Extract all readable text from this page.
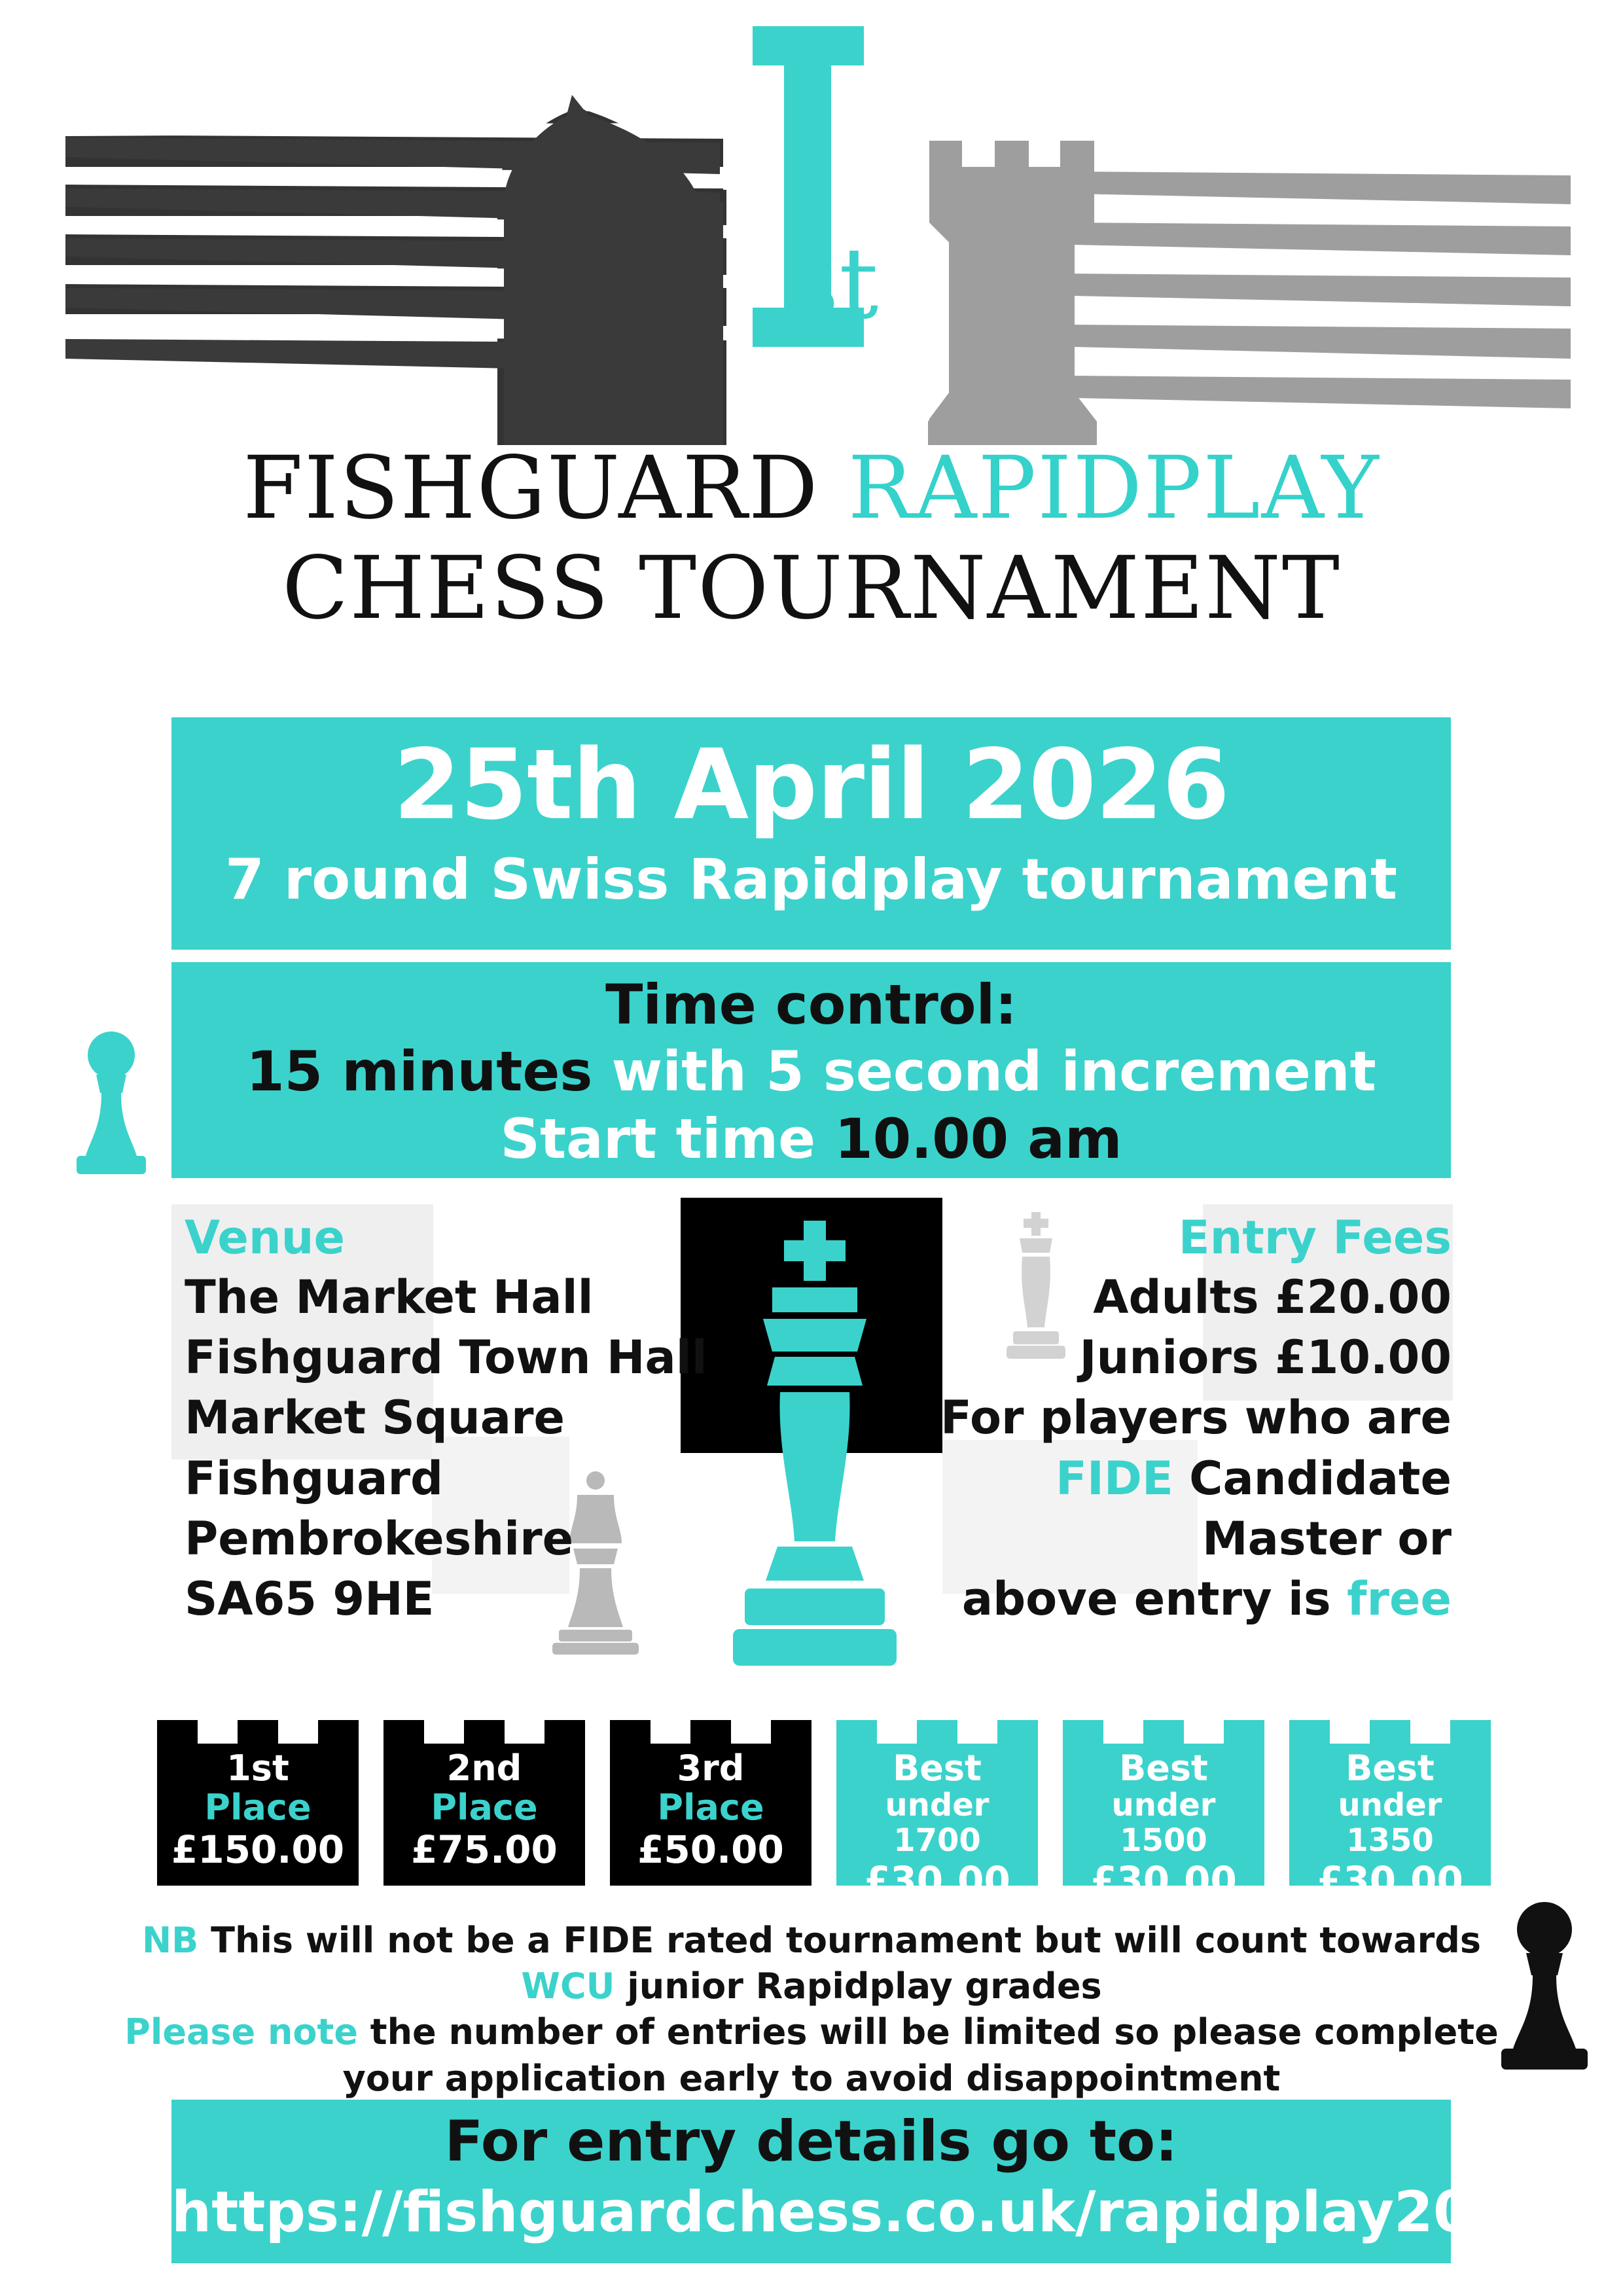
st
FISHGUARD RAPIDPLAY
CHESS TOURNAMENT
25th April 2026
7 round Swiss Rapidplay tournament
Time control:
15 minutes with 5 second increment
Start time 10.00 am
Venue
The Market Hall
Fishguard Town Hall
Market Square
Fishguard
Pembrokeshire
SA65 9HE
Entry Fees
Adults £20.00
Juniors £10.00
For players who are
FIDE Candidate
Master or
above entry is free
1st
Place
£150.00
2nd
Place
£75.00
3rd
Place
£50.00
Best
under 1700
£30.00
Best
under 1500
£30.00
Best
under 1350
£30.00
NB This will not be a FIDE rated tournament but will count towards
WCU junior Rapidplay grades
Please note the number of entries will be limited so please complete
your application early to avoid disappointment
For entry details go to:
https://fishguardchess.co.uk/rapidplay2026/
